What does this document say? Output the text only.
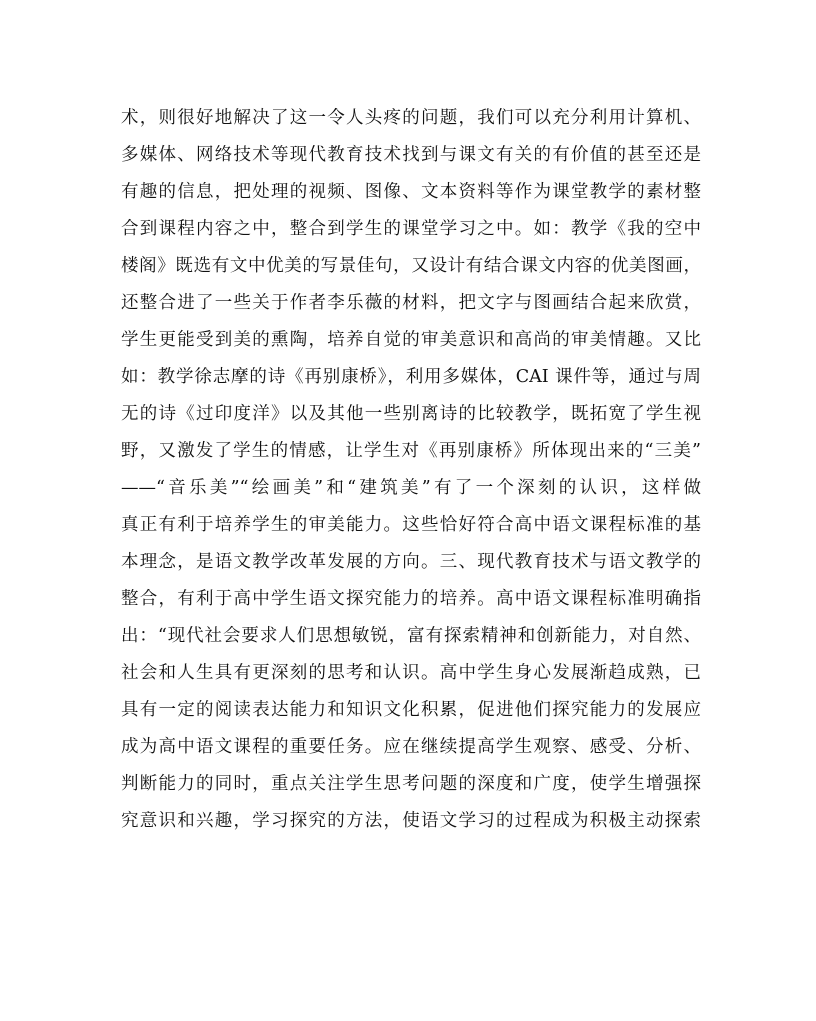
术，则很好地解决了这一令人头疼的问题，我们可以充分利用计算机、
多媒体、网络技术等现代教育技术找到与课文有关的有价值的甚至还是
有趣的信息，把处理的视频、图像、文本资料等作为课堂教学的素材整
合到课程内容之中，整合到学生的课堂学习之中。如：教学《我的空中
楼阁》既选有文中优美的写景佳句，又设计有结合课文内容的优美图画，
还整合进了一些关于作者李乐薇的材料，把文字与图画结合起来欣赏，
学生更能受到美的熏陶，培养自觉的审美意识和高尚的审美情趣。又比
如：教学徐志摩的诗《再别康桥》，利用多媒体，CAI 课件等，通过与周
无的诗《过印度洋》以及其他一些别离诗的比较教学，既拓宽了学生视
野，又激发了学生的情感，让学生对《再别康桥》所体现出来的“三美”
——“音乐美”“绘画美”和“建筑美”有了一个深刻的认识，这样做
真正有利于培养学生的审美能力。这些恰好符合高中语文课程标准的基
本理念，是语文教学改革发展的方向。三、现代教育技术与语文教学的
整合，有利于高中学生语文探究能力的培养。高中语文课程标准明确指
出：“现代社会要求人们思想敏锐，富有探索精神和创新能力，对自然、
社会和人生具有更深刻的思考和认识。高中学生身心发展渐趋成熟，已
具有一定的阅读表达能力和知识文化积累，促进他们探究能力的发展应
成为高中语文课程的重要任务。应在继续提高学生观察、感受、分析、
判断能力的同时，重点关注学生思考问题的深度和广度，使学生增强探
究意识和兴趣，学习探究的方法，使语文学习的过程成为积极主动探索
